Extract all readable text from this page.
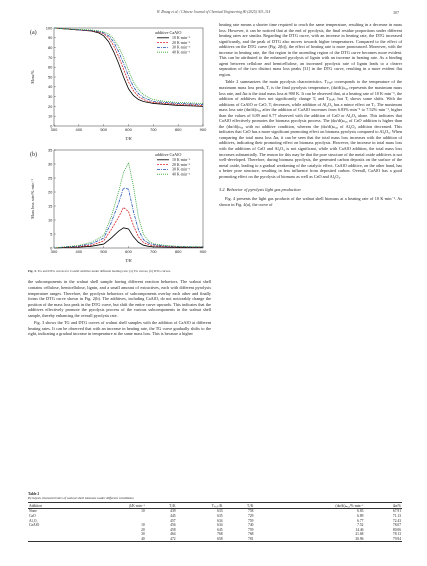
W. Zhang et al. / Chinese Journal of Chemical Engineering 80 (2025) 303–314	307
300	400	500	600	700	800	900
0
10
20
30
40
50
60
70
80
90
100
T/K
Mass/%
(a)	additive CaAlO
10 K·min⁻¹
20 K·min⁻¹
30 K·min⁻¹
40 K·min⁻¹
300	400	500	600	700	800	900
0
5
10
15
20
25
30
35
T/K
Mass loss rate/%·min⁻¹
(b)	additive CaAlO
10 K·min⁻¹
20 K·min⁻¹
30 K·min⁻¹
40 K·min⁻¹
Fig. 3. TG and DTG curves for CaAlO additive under different heating rate: (a) TG curves, (b) DTG curves.

the subcomponents in the walnut shell sample having different reaction behaviors. The walnut shell contains cellulose, hemicellulose, lignin, and a small amount of extractives, each with different pyrolysis temperature ranges. Therefore, the pyrolysis behaviors of subcomponents overlay each other and finally forms the DTG curve shown in Fig. 2(b). The additives, including CaAlO, do not noticeably change the position of the mass loss peak in the DTG curve, but shift the entire curve upwards. This indicates that the additives effectively promote the pyrolysis process of the various subcomponents in the walnut shell sample, thereby enhancing the overall pyrolysis rate.

Fig. 3 shows the TG and DTG curves of walnut shell samples with the addition of CaAlO at different heating rates. It can be observed that with an increase in heating rate, the TG curve gradually shifts to the right, indicating a gradual increase in temperature at the same mass loss. This is because a higher

heating rate means a shorter time required to reach the same temperature, resulting in a decrease in mass loss. However, it can be noticed that at the end of pyrolysis, the final residue proportions under different heating rates are similar. Regarding the DTG curve, with an increase in heating rate, the DTG increased significantly, and the peak of DTG also moves towards higher temperatures. Compared to the effect of additives on the DTG curve (Fig. 2(b)), the effect of heating rate is more pronounced. Moreover, with the increase in heating rate, the flat region in the ascending region of the DTG curve becomes more evident. This can be attributed to the enhanced pyrolysis of lignin with an increase in heating rate. As a binding agent between cellulose and hemicellulose, an increased pyrolysis rate of lignin leads to a clearer separation of the two distinct mass loss peaks [31] in the DTG curve, resulting in a more evident flat region.

Table 2 summarizes the main pyrolysis characteristics. Tₚₑₐₖ corresponds to the temperature of the maximum mass loss peak, Tᵢ is the final pyrolysis temperature, (dα/dt)ₘₐₓ represents the maximum mass loss rate, and Δα is the total mass loss at 900 K. It can be observed that, at a heating rate of 10 K·min⁻¹, the addition of additives does not significantly change Tᵢ and Tₚₑₐₖ, but Tᵢ shows some shifts. With the additions of CaAlO or CaO, Tᵢ decreases, while addition of Al₂O₃ has a minor effect on Tᵢ. The maximum mass loss rate (dα/dt)ₘₐₓ after the addition of CaAlO increases from 6.83%·min⁻¹ to 7.52%·min⁻¹, higher than the values of 6.89 and 6.77 observed with the addition of CaO or Al₂O₃ alone. This indicates that CaAlO effectively promotes the biomass pyrolysis process. The (dα/dt)ₘₐₓ of CaO addition is higher than the (dα/dt)ₘₐₓ with no additive condition, whereas the (dα/dt)ₘₐₓ of Al₂O₃ addition decreased. This indicates that CaO has a more significant promoting effect on biomass pyrolysis compared to Al₂O₃. When comparing the total mass loss Δα, it can be seen that the total mass loss increases with the addition of additives, indicating their promoting effect on biomass pyrolysis. However, the increase in total mass loss with the additions of CaO and Al₂O₃ is not significant, while with CaAlO addition, the total mass loss increases substantially. The reason for this may be that the pore structure of the metal oxide additives is not well-developed. Therefore, during biomass pyrolysis, the generated carbon deposits on the surface of the metal oxide, leading to a gradual weakening of the catalytic effect. CaAlO additive, on the other hand, has a better pore structure, resulting in less influence from deposited carbon. Overall, CaAlO has a good promoting effect on the pyrolysis of biomass as well as CaO and Al₂O₃.

3.2. Behavior of pyrolysis light gas production

Fig. 4 presents the light gas products of the walnut shell biomass at a heating rate of 10 K·min⁻¹. As shown in Fig. 4(a), the curve of

Table 2
Pyrolysis characteristics of walnut shell biomass under different conditions.
Addition	β/K·min⁻¹	Tᵢ/K	Tₚₑₐₖ/K	Tᵢ/K	(dα/dt)ₘₐₓ/%·min⁻¹	Δα/%
None	10	439	633	758	6.83	67.91
CaO		445	635	729	6.89	71.13
Al₂O₃		457	634	759	6.77	72.43
CaAlO	10	456	634	740	7.52	78.07
	20	458	645	759	14.46	80.06
	30	464	768	768	21.68	78.13
	40	472	658	781	30.96	79.94
